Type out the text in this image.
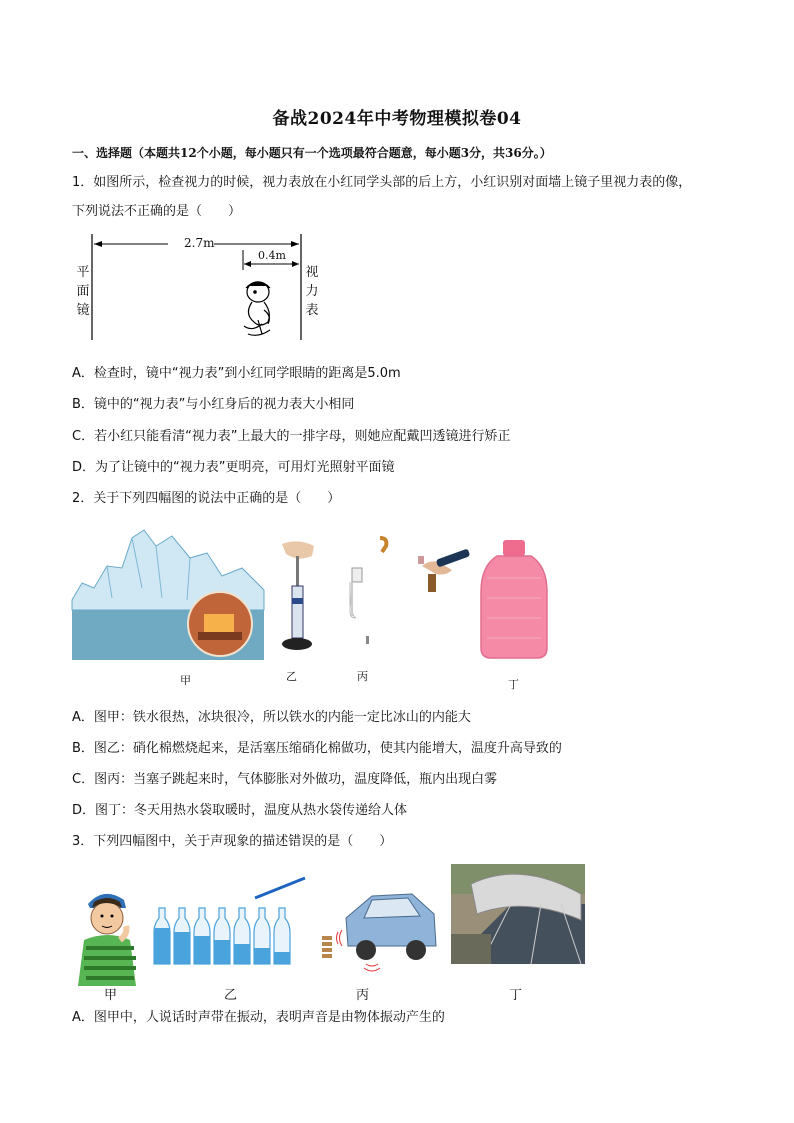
备战2024年中考物理模拟卷04
一、选择题（本题共12个小题，每小题只有一个选项最符合题意，每小题3分，共36分。）
1．如图所示，检查视力的时候，视力表放在小红同学头部的后上方，小红识别对面墙上镜子里视力表的像，
下列说法不正确的是（　　）
2.7m
0.4m
平
面
镜
视
力
表
A．检查时，镜中“视力表”到小红同学眼睛的距离是5.0m
B．镜中的“视力表”与小红身后的视力表大小相同
C．若小红只能看清“视力表”上最大的一排字母，则她应配戴凹透镜进行矫正
D．为了让镜中的“视力表”更明亮，可用灯光照射平面镜
2．关于下列四幅图的说法中正确的是（　　）
甲	乙	丙
丁
A．图甲：铁水很热，冰块很冷，所以铁水的内能一定比冰山的内能大
B．图乙：硝化棉燃烧起来，是活塞压缩硝化棉做功，使其内能增大，温度升高导致的
C．图丙：当塞子跳起来时，气体膨胀对外做功，温度降低，瓶内出现白雾
D．图丁：冬天用热水袋取暖时，温度从热水袋传递给人体
3．下列四幅图中，关于声现象的描述错误的是（　　）
甲	乙	丙	丁
A．图甲中，人说话时声带在振动，表明声音是由物体振动产生的
